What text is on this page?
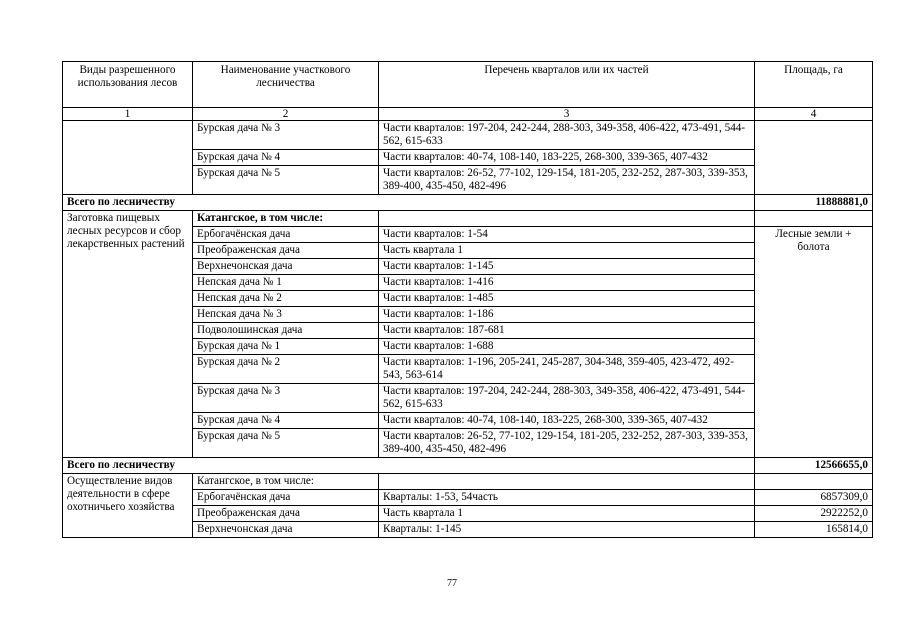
Виды разрешенного использования лесов	Наименование участкового лесничества	Перечень кварталов или их частей	Площадь, га
1	2	3	4
	Бурская дача № 3	Части кварталов: 197-204, 242-244, 288-303, 349-358, 406-422, 473-491, 544-562, 615-633	
	Бурская дача № 4	Части кварталов: 40-74, 108-140, 183-225, 268-300, 339-365, 407-432	
	Бурская дача № 5	Части кварталов: 26-52, 77-102, 129-154, 181-205, 232-252, 287-303, 339-353, 389-400, 435-450, 482-496	
Всего по лесничеству			11888881,0
Заготовка пищевых лесных ресурсов и сбор лекарственных растений	Катангское, в том числе:		
	Ербогачёнская дача	Части кварталов: 1-54	Лесные земли + болота
	Преображенская дача	Часть квартала 1	
	Верхнечонская дача	Части кварталов: 1-145	
	Непская дача № 1	Части кварталов: 1-416	
	Непская дача № 2	Части кварталов: 1-485	
	Непская дача № 3	Части кварталов: 1-186	
	Подволошинская дача	Части кварталов: 187-681	
	Бурская дача № 1	Части кварталов: 1-688	
	Бурская дача № 2	Части кварталов: 1-196, 205-241, 245-287, 304-348, 359-405, 423-472, 492-543, 563-614	
	Бурская дача № 3	Части кварталов: 197-204, 242-244, 288-303, 349-358, 406-422, 473-491, 544-562, 615-633	
	Бурская дача № 4	Части кварталов: 40-74, 108-140, 183-225, 268-300, 339-365, 407-432	
	Бурская дача № 5	Части кварталов: 26-52, 77-102, 129-154, 181-205, 232-252, 287-303, 339-353, 389-400, 435-450, 482-496	
Всего по лесничеству			12566655,0
Осуществление видов деятельности в сфере охотничьего хозяйства	Катангское, в том числе:		
	Ербогачёнская дача	Кварталы: 1-53, 54часть	6857309,0
	Преображенская дача	Часть квартала 1	2922252,0
	Верхнечонская дача	Кварталы: 1-145	165814,0
77
